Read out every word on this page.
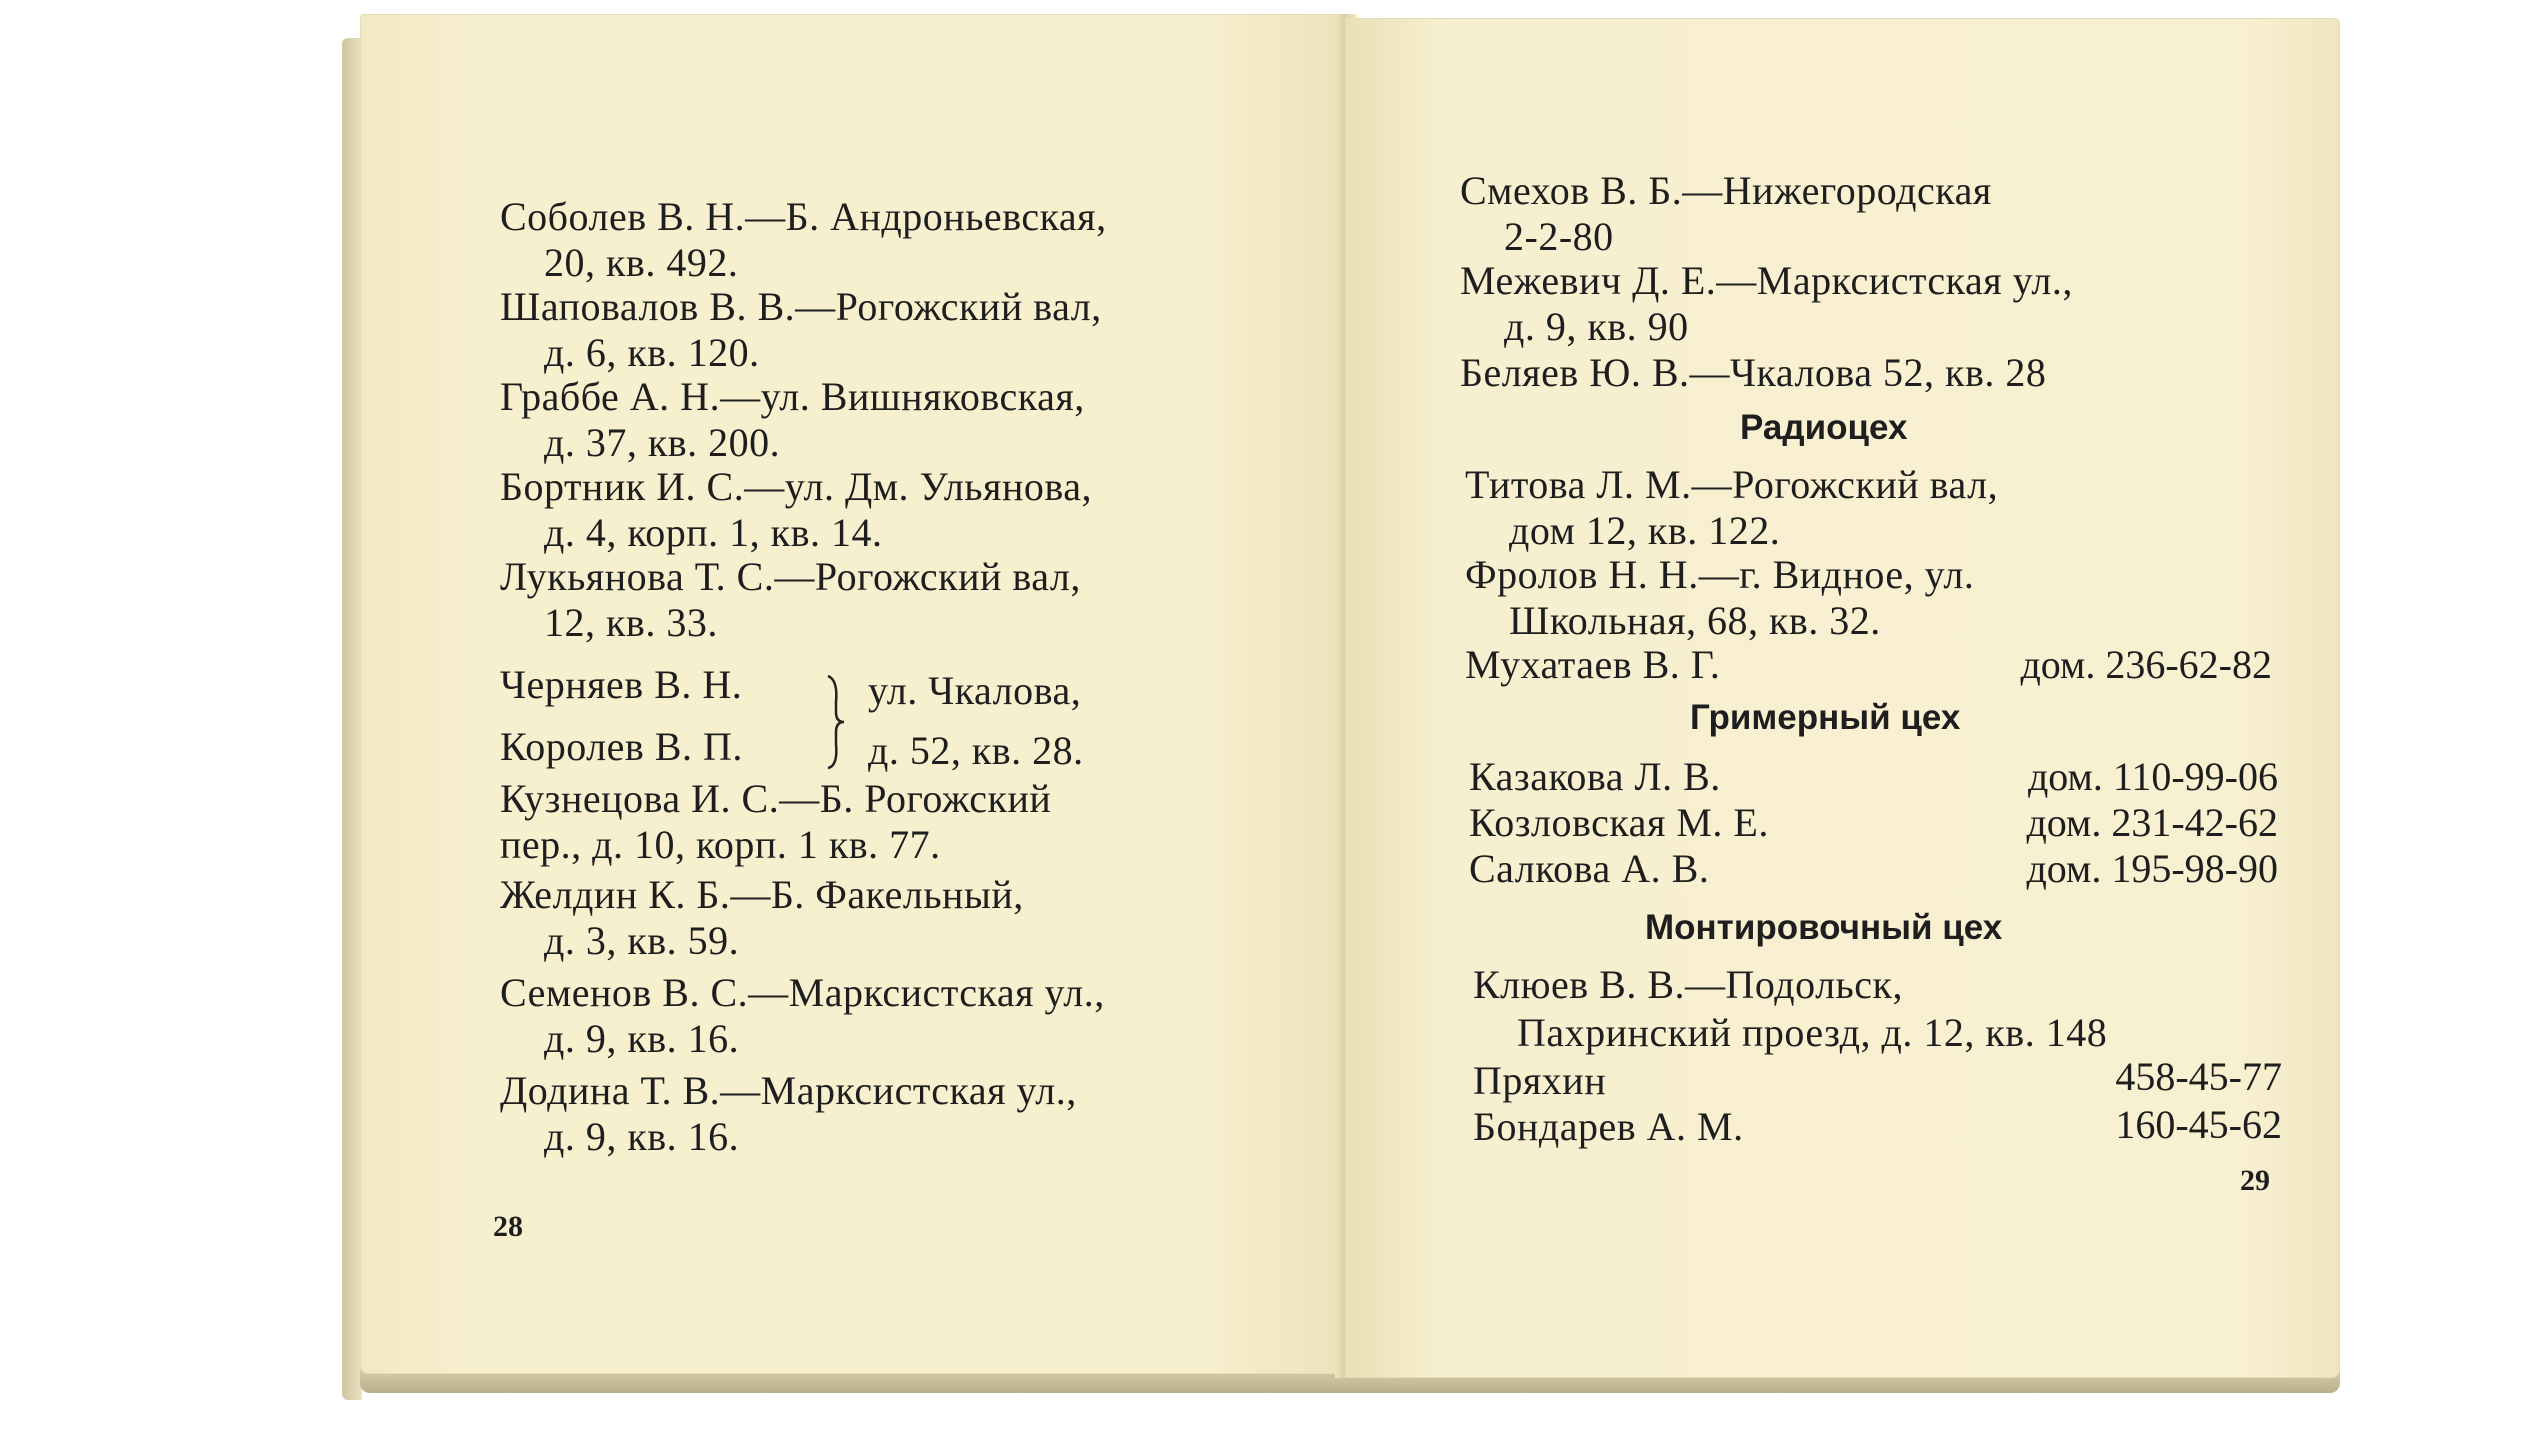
Соболев В. Н.—Б. Андроньевская,
20, кв. 492.
Шаповалов В. В.—Рогожский вал,
д. 6, кв. 120.
Граббе А. Н.—ул. Вишняковская,
д. 37, кв. 200.
Бортник И. С.—ул. Дм. Ульянова,
д. 4, корп. 1, кв. 14.
Лукьянова Т. С.—Рогожский вал,
12, кв. 33.
Черняев В. Н.
Королев В. П.
ул. Чкалова,
д. 52, кв. 28.
Кузнецова И. С.—Б. Рогожский
пер., д. 10, корп. 1 кв. 77.
Желдин К. Б.—Б. Факельный,
д. 3, кв. 59.
Семенов В. С.—Марксистская ул.,
д. 9, кв. 16.
Додина Т. В.—Марксистская ул.,
д. 9, кв. 16.
28
Смехов В. Б.—Нижегородская
2-2-80
Межевич Д. Е.—Марксистская ул.,
д. 9, кв. 90
Беляев Ю. В.—Чкалова 52, кв. 28
Радиоцех
Титова Л. М.—Рогожский вал,
дом 12, кв. 122.
Фролов Н. Н.—г. Видное, ул.
Школьная, 68, кв. 32.
Мухатаев В. Г.	дом. 236-62-82
Гримерный цех
Казакова Л. В.	дом. 110-99-06
Козловская М. Е.	дом. 231-42-62
Салкова А. В.	дом. 195-98-90
Монтировочный цех
Клюев В. В.—Подольск,
Пахринский проезд, д. 12, кв. 148
Пряхин	458-45-77
Бондарев А. М.	160-45-62
29
